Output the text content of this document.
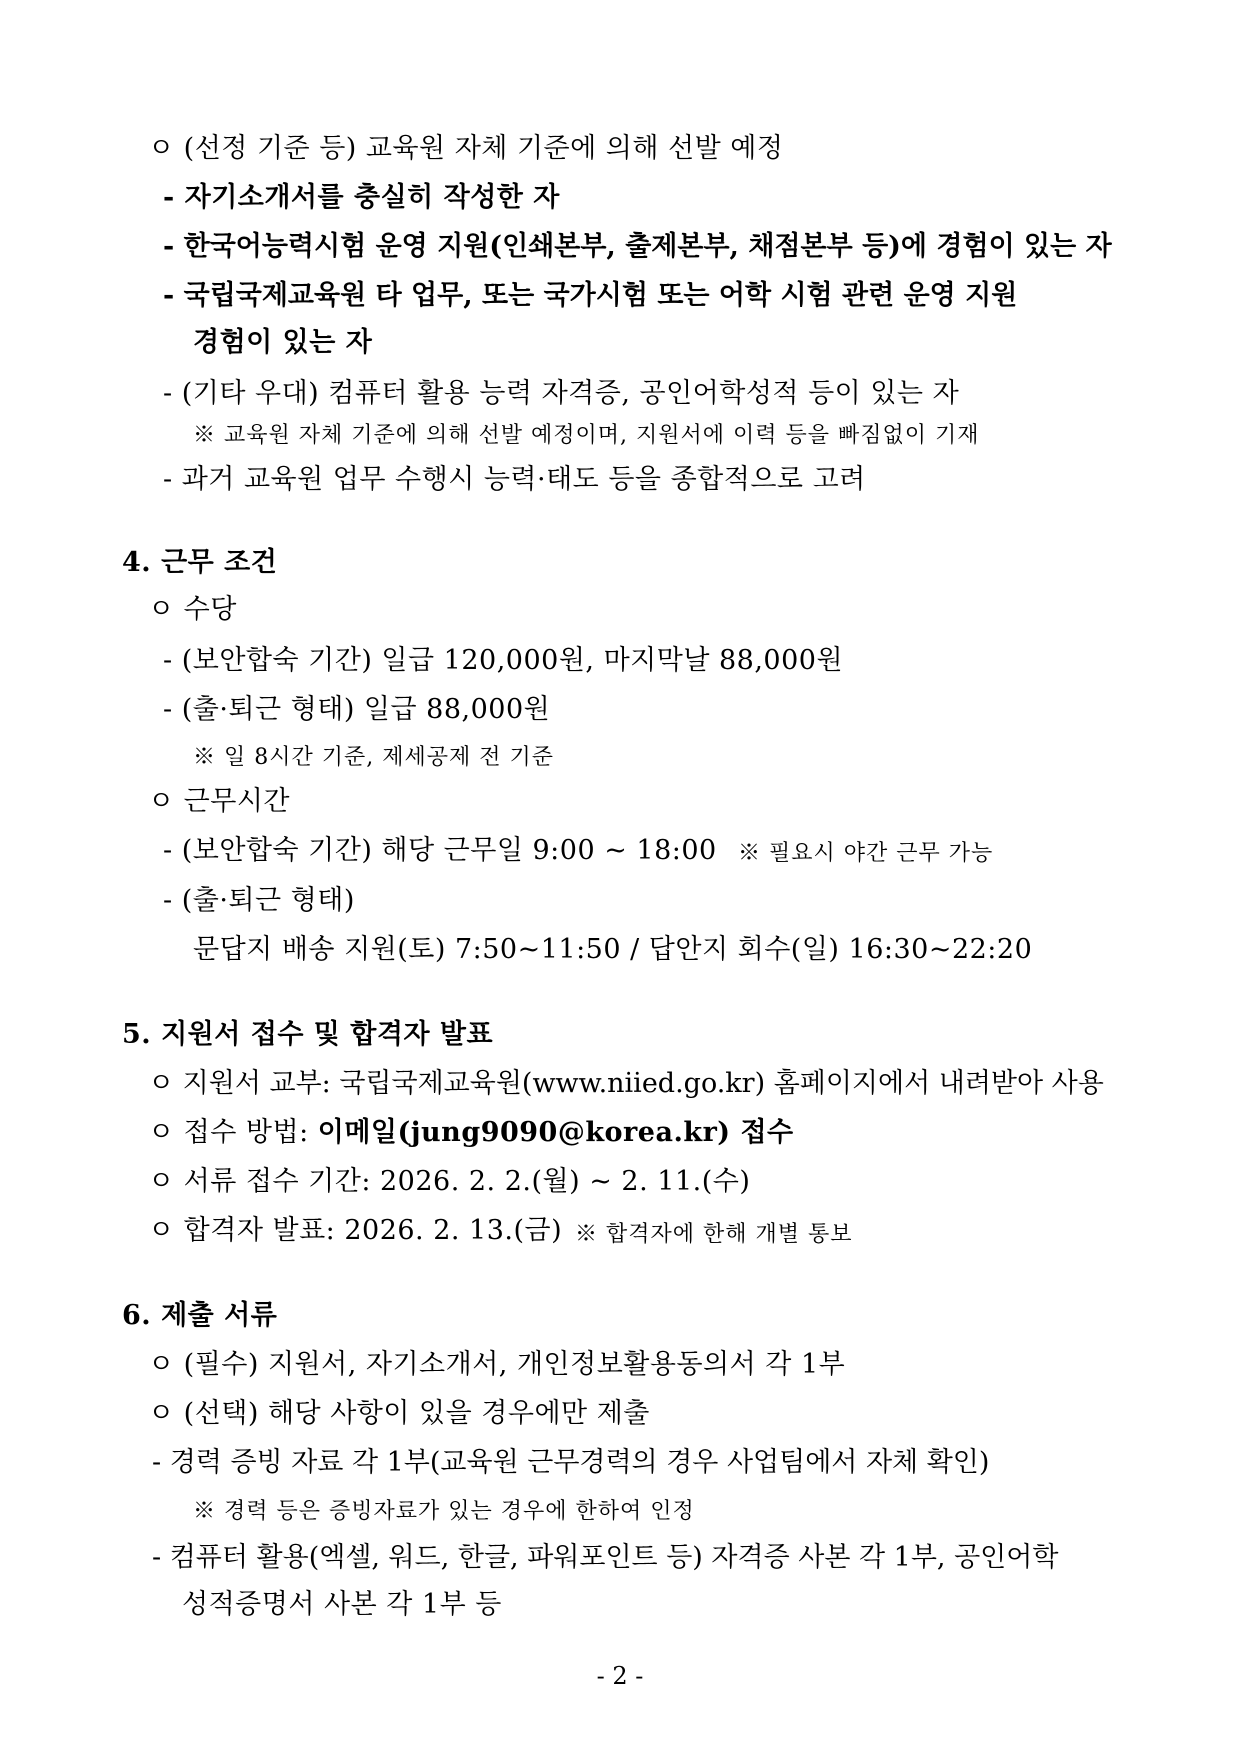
ㅇ (선정 기준 등) 교육원 자체 기준에 의해 선발 예정
- 자기소개서를 충실히 작성한 자
- 한국어능력시험 운영 지원(인쇄본부, 출제본부, 채점본부 등)에 경험이 있는 자
- 국립국제교육원 타 업무, 또는 국가시험 또는 어학 시험 관련 운영 지원
경험이 있는 자
- (기타 우대) 컴퓨터 활용 능력 자격증, 공인어학성적 등이 있는 자
※ 교육원 자체 기준에 의해 선발 예정이며, 지원서에 이력 등을 빠짐없이 기재
- 과거 교육원 업무 수행시 능력·태도 등을 종합적으로 고려
4. 근무 조건
ㅇ 수당
- (보안합숙 기간) 일급 120,000원, 마지막날 88,000원
- (출·퇴근 형태) 일급 88,000원
※ 일 8시간 기준, 제세공제 전 기준
ㅇ 근무시간
- (보안합숙 기간) 해당 근무일 9:00 ~ 18:00 ※ 필요시 야간 근무 가능
- (출·퇴근 형태)
문답지 배송 지원(토) 7:50~11:50 / 답안지 회수(일) 16:30~22:20
5. 지원서 접수 및 합격자 발표
ㅇ 지원서 교부: 국립국제교육원(www.niied.go.kr) 홈페이지에서 내려받아 사용
ㅇ 접수 방법: 이메일(jung9090@korea.kr) 접수
ㅇ 서류 접수 기간: 2026. 2. 2.(월) ~ 2. 11.(수)
ㅇ 합격자 발표: 2026. 2. 13.(금) ※ 합격자에 한해 개별 통보
6. 제출 서류
ㅇ (필수) 지원서, 자기소개서, 개인정보활용동의서 각 1부
ㅇ (선택) 해당 사항이 있을 경우에만 제출
- 경력 증빙 자료 각 1부(교육원 근무경력의 경우 사업팀에서 자체 확인)
※ 경력 등은 증빙자료가 있는 경우에 한하여 인정
- 컴퓨터 활용(엑셀, 워드, 한글, 파워포인트 등) 자격증 사본 각 1부, 공인어학
성적증명서 사본 각 1부 등
- 2 -
